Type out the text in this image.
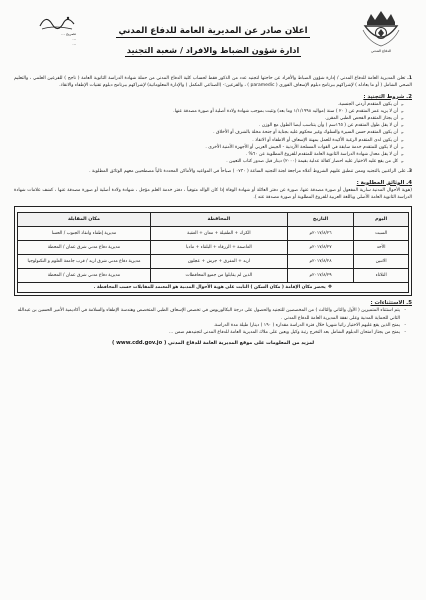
الدفاع المدني
اعلان صادر عن المديرية العامة للدفاع المدني
ادارة شؤون الضباط والافراد / شعبة التجنيد
تصريح ...
...
...

1. تعلن المديرية العامة للدفاع المدني / إدارة شؤون الضباط والأفراد عن حاجتها لتجنيد عدد من الذكور فقط لحساب كلية الدفاع المدني من حملة شهادة الدراسة الثانوية العامة ( ناجح ) للفرعين العلمي ، والتعليم الصحي الشامل ( أو ما يعادله ) لإشراكهم ببرنامج دبلوم الإسعاف الفوري ( paramedic ) ، والفرعين:- (الصناعي المكمل ) والإدارة المعلوماتية) لإشراكهم ببرنامج دبلوم تقنيات الإطفاء والانقاذ.

2. شروط التجنيد :
➢ أن يكون المتقدم أردني الجنسية.
➢ أن لا يزيد عمر المتقدم عن ( ٢٠ ) سنة (مواليد ١/١/١٩٩٨ وما بعد) وتثبت بموجب شهادة ولادة أصلية أو صورة مصدقة عنها.
➢ أن يجتاز المتقدم الفحص الطبي المقرر.
➢ أن لا يقل طول المتقدم عن ( ١٦٥سم ) وأن يتناسب أيضا الطول مع الوزن .
➢ أن يكون المتقدم حسن السيرة والسلوك وغير محكوم عليه بجناية أو جنحة مخلة بالشرف أو الأخلاق .
➢ أن يكون لدى المتقدم الرغبة الأكيدة للعمل بمهنة الإسعاف أو الاطفاء أو الانقاذ .
➢ أن لا يكون للمتقدم خدمة سابقة في القوات المسلحة الأردنية - الجيش العربي أو الأجهزة الأمنية الأخرى .
➢ أن لا يقل معدل شهادة الدراسة الثانوية العامة للمتقدم للفروع المطلوبة عن ٦٠% .
➢ كل من يقع عليه الاختيار عليه احضار كفالة عدلية بقيمة (٢٠٠٠) دينار قبل صدور كتاب التعيين .

3. على الراغبين بالتجنيد وممن تنطبق عليهم الشروط أعلاه مراجعة لجنة التجنيد الساعة ( ٠٧٣٠ ) صباحاً في المواعيد والأماكن المحددة تالياً مصطحبين معهم الوثائق المطلوبة .

4. الوثائق المطلوبة :

(هوية الأحوال المدنية سارية المفعول أو صورة مصدقة عنها، صورة عن دفتر العائلة أو شهادة الوفاة إذا كان الوالد متوفياً ، دفتر خدمة العلم مؤجل ، شهادة ولادة أصلية أو صورة مصدقة عنها ، كشف علامات شهادة الدراسة الثانوية العامة الأصلي وباللغة العربية للفروع المطلوبة أو صورة مصدقة عنه ).

اليوم	التاريخ	المحافظة	مكان المقابلة
السبت	٢٠١٧/٨/٢٦م	الكرك + الطفيلة + معان + العقبة	مديرية إطفاء وانقاذ الجنوب / الحسا
الأحد	٢٠١٧/٨/٢٧م	العاصمة + الزرقاء + البلقاء + مادبا	مديرية دفاع مدني شرق عمان / المحطة
الاثنين	٢٠١٧/٨/٢٨م	اربد + المفرق + جرش + عجلون	مديرية دفاع مدني شرق اربد / قرب جامعة العلوم و التكنولوجيا
الثلاثاء	٢٠١٧/٨/٢٩م	الذين لم يقابلوا من جميع المحافظات	مديرية دفاع مدني شرق عمان / المحطة
❖يحضر مكان الإقامة ( مكان السكن ) الثابت على هوية الأحوال المدنية هو المعتمد للمقابلات حسب المحافظة .			
5. الاستثناءات :
- يتم استثناء المتميزين ( الأول والثاني والثالث ) من المخصصين للتجنيد والحصول على درجة البكالوريوس في تخصص الإسعاف الطبي المتخصص وهندسة الإطفاء والسلامة في أكاديمية الأمير الحسين بن عبدالله الثاني للحماية المدنية وعلى نفقة المديرية العامة للدفاع المدني .
- يمنح الذين يقع عليهم الاختيار راتبا شهريا خلال فترة الدراسة مقداره ( ١٩٠ ) دينارا طيلة مدة الدراسة.
- يمنح من يجتاز امتحان الدبلوم الشامل بعد التخرج رتبة وكيل ويعين على ملاك المديرية العامة للدفاع المدني لتجنيدهم ضمن ...
لمزيد من المعلومات على موقع المديرية العامة للدفاع المدني ( www.cdd.gov.jo )
